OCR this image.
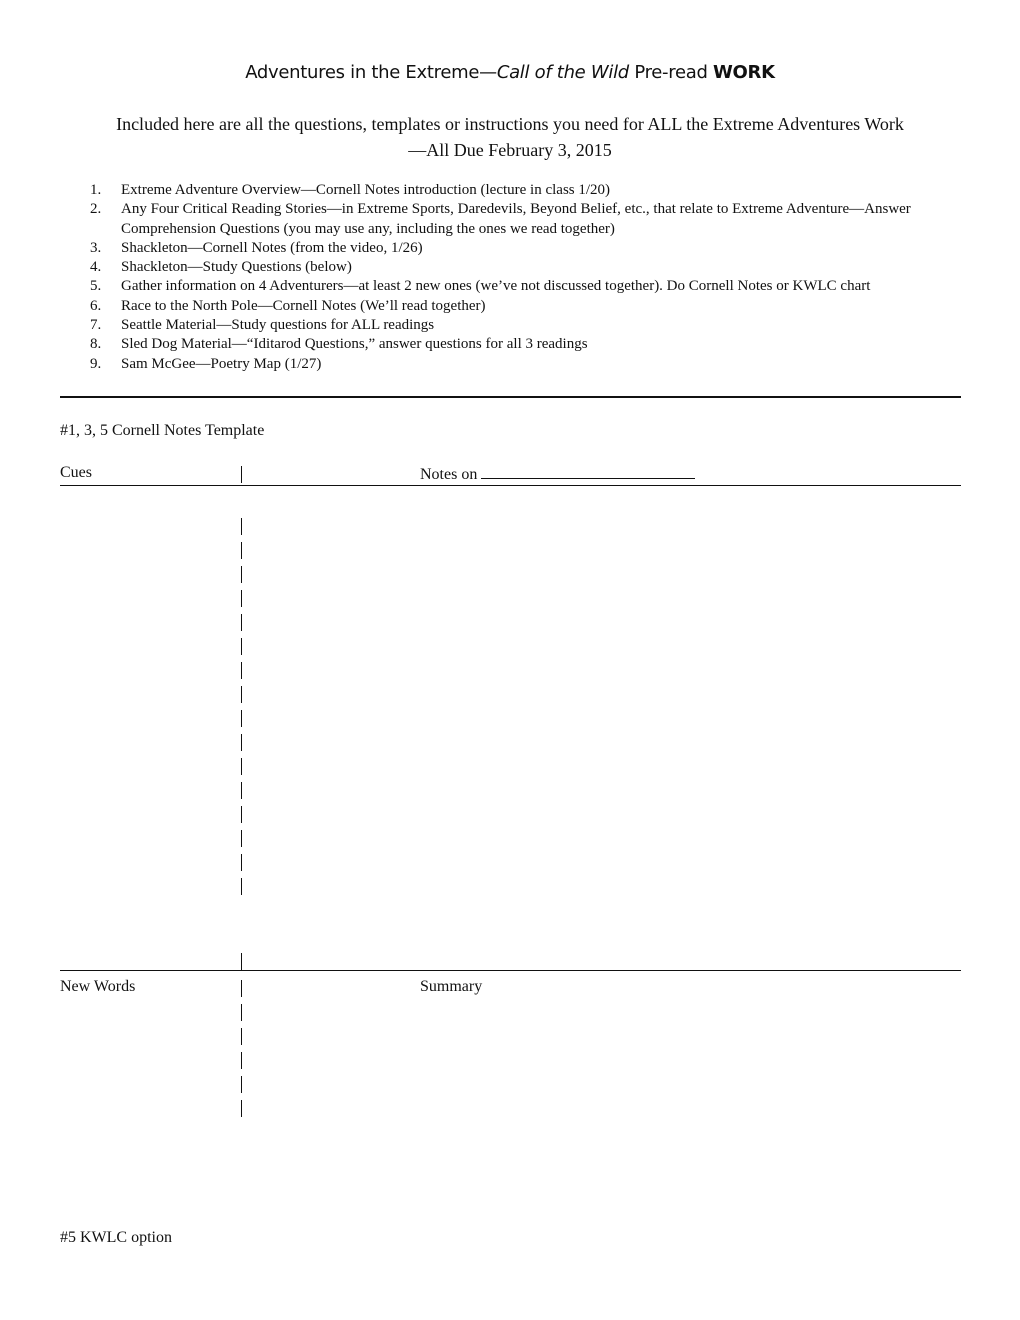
Adventures in the Extreme—Call of the Wild Pre-read WORK
Included here are all the questions, templates or instructions you need for ALL the Extreme Adventures Work
—All Due February 3, 2015
1. Extreme Adventure Overview—Cornell Notes introduction (lecture in class 1/20)
2. Any Four Critical Reading Stories—in Extreme Sports, Daredevils, Beyond Belief, etc., that relate to Extreme Adventure—Answer Comprehension Questions (you may use any, including the ones we read together)
3. Shackleton—Cornell Notes (from the video, 1/26)
4. Shackleton—Study Questions (below)
5. Gather information on 4 Adventurers—at least 2 new ones (we’ve not discussed together). Do Cornell Notes or KWLC chart
6. Race to the North Pole—Cornell Notes (We’ll read together)
7. Seattle Material—Study questions for ALL readings
8. Sled Dog Material—“Iditarod Questions,” answer questions for all 3 readings
9. Sam McGee—Poetry Map (1/27)
#1, 3, 5 Cornell Notes Template
Cues	Notes on
New Words	Summary
#5 KWLC option
